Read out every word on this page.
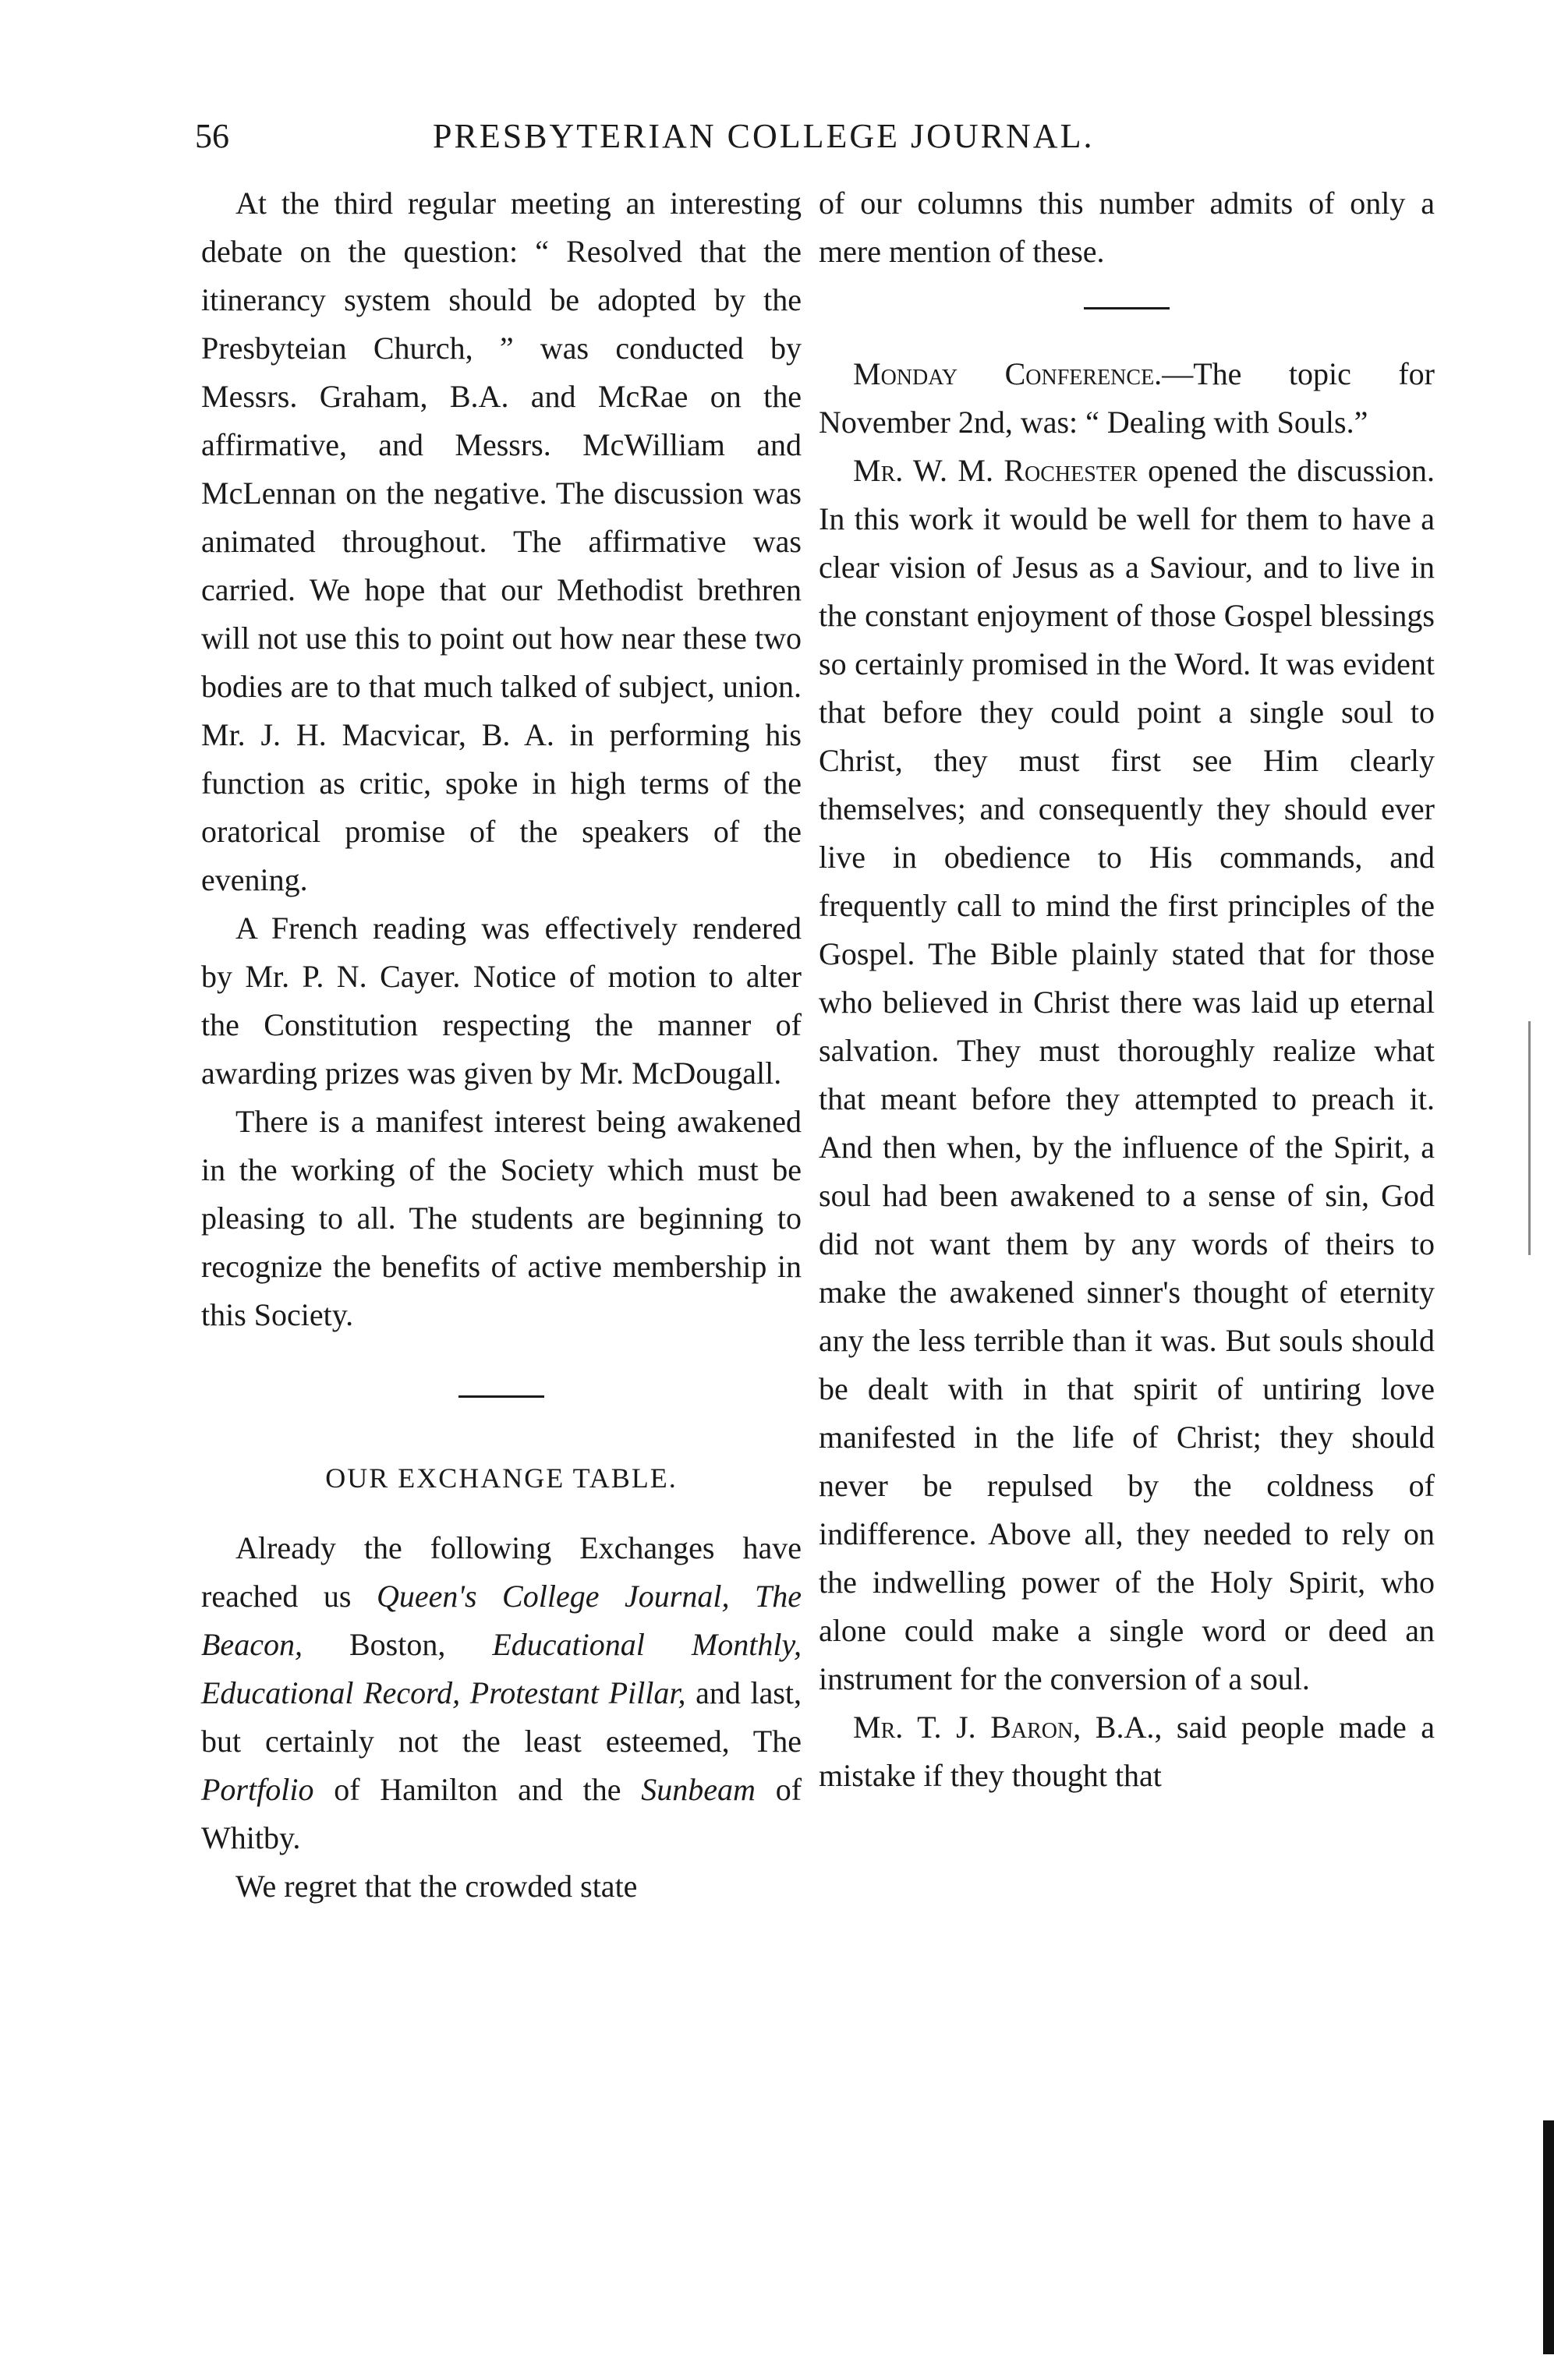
56	PRESBYTERIAN COLLEGE JOURNAL.

At the third regular meeting an interesting debate on the question: “ Resolved that the itinerancy system should be adopted by the Presbyteian Church, ” was conducted by Messrs. Graham, B.A. and McRae on the affirmative, and Messrs. McWilliam and McLennan on the negative. The discussion was animated throughout. The affirmative was carried. We hope that our Methodist brethren will not use this to point out how near these two bodies are to that much talked of subject, union. Mr. J. H. Macvicar, B. A. in performing his function as critic, spoke in high terms of the oratorical promise of the speakers of the evening.

A French reading was effectively rendered by Mr. P. N. Cayer. Notice of motion to alter the Constitution respecting the manner of awarding prizes was given by Mr. McDougall.

There is a manifest interest being awakened in the working of the Society which must be pleasing to all. The students are beginning to recognize the benefits of active membership in this Society.

OUR EXCHANGE TABLE.

Already the following Exchanges have reached us Queen's College Journal, The Beacon, Boston, Educational Monthly, Educational Record, Protestant Pillar, and last, but certainly not the least esteemed, The Portfolio of Hamilton and the Sunbeam of Whitby.

We regret that the crowded state

of our columns this number admits of only a mere mention of these.

Monday Conference.—The topic for November 2nd, was: “ Dealing with Souls.”

Mr. W. M. Rochester opened the discussion. In this work it would be well for them to have a clear vision of Jesus as a Saviour, and to live in the constant enjoyment of those Gospel blessings so certainly promised in the Word. It was evident that before they could point a single soul to Christ, they must first see Him clearly themselves; and consequently they should ever live in obedience to His commands, and frequently call to mind the first principles of the Gospel. The Bible plainly stated that for those who believed in Christ there was laid up eternal salvation. They must thoroughly realize what that meant before they attempted to preach it. And then when, by the influence of the Spirit, a soul had been awakened to a sense of sin, God did not want them by any words of theirs to make the awakened sinner's thought of eternity any the less terrible than it was. But souls should be dealt with in that spirit of untiring love manifested in the life of Christ; they should never be repulsed by the coldness of indifference. Above all, they needed to rely on the indwelling power of the Holy Spirit, who alone could make a single word or deed an instrument for the conversion of a soul.

Mr. T. J. Baron, B.A., said people made a mistake if they thought that
